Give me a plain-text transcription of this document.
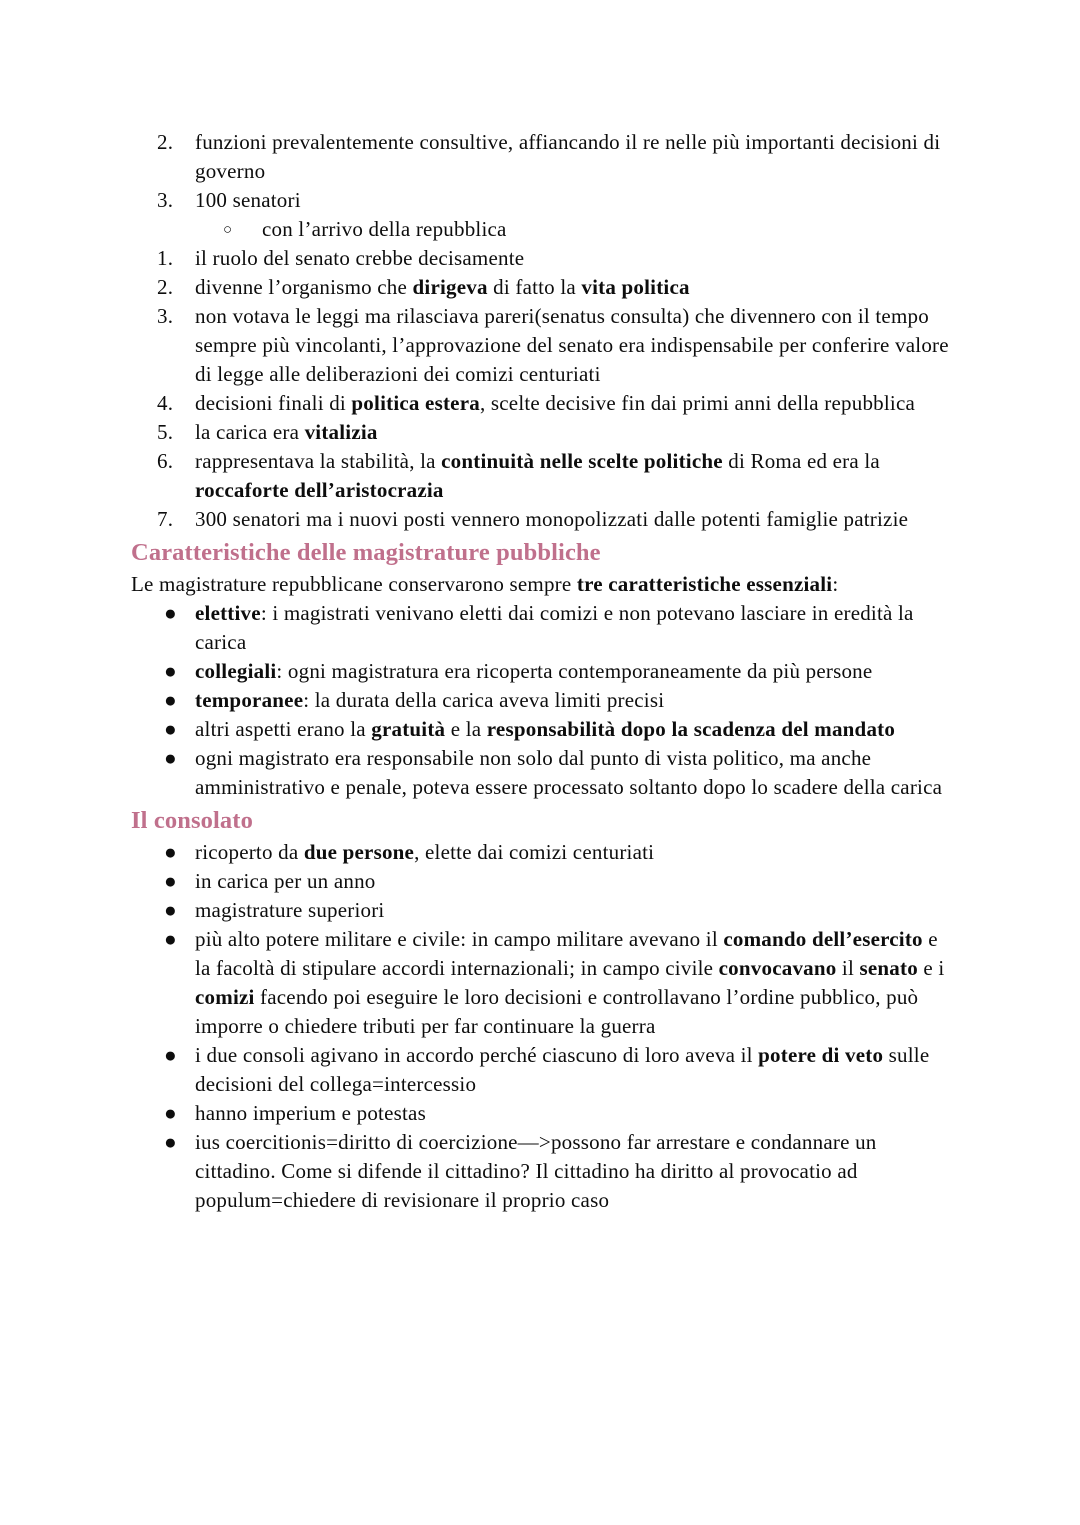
2.	funzioni prevalentemente consultive, affiancando il re nelle più importanti decisioni di governo
3.	100 senatori
○ con l’arrivo della repubblica
1.	il ruolo del senato crebbe decisamente
2.	divenne l’organismo che dirigeva di fatto la vita politica
3.	non votava le leggi ma rilasciava pareri(senatus consulta) che divennero con il tempo sempre più vincolanti, l’approvazione del senato era indispensabile per conferire valore di legge alle deliberazioni dei comizi centuriati
4.	decisioni finali di politica estera, scelte decisive fin dai primi anni della repubblica
5.	la carica era vitalizia
6.	rappresentava la stabilità, la continuità nelle scelte politiche di Roma ed era la roccaforte dell’aristocrazia
7.	300 senatori ma i nuovi posti vennero monopolizzati dalle potenti famiglie patrizie
Caratteristiche delle magistrature pubbliche

Le magistrature repubblicane conservarono sempre tre caratteristiche essenziali:

● elettive: i magistrati venivano eletti dai comizi e non potevano lasciare in eredità la carica
● collegiali: ogni magistratura era ricoperta contemporaneamente da più persone
● temporanee: la durata della carica aveva limiti precisi
● altri aspetti erano la gratuità e la responsabilità dopo la scadenza del mandato
● ogni magistrato era responsabile non solo dal punto di vista politico, ma anche amministrativo e penale, poteva essere processato soltanto dopo lo scadere della carica
Il consolato
● ricoperto da due persone, elette dai comizi centuriati
● in carica per un anno
● magistrature superiori
● più alto potere militare e civile: in campo militare avevano il comando dell’esercito e la facoltà di stipulare accordi internazionali; in campo civile convocavano il senato e i comizi facendo poi eseguire le loro decisioni e controllavano l’ordine pubblico, può imporre o chiedere tributi per far continuare la guerra
● i due consoli agivano in accordo perché ciascuno di loro aveva il potere di veto sulle decisioni del collega=intercessio
● hanno imperium e potestas
● ius coercitionis=diritto di coercizione—>possono far arrestare e condannare un cittadino. Come si difende il cittadino? Il cittadino ha diritto al provocatio ad populum=chiedere di revisionare il proprio caso
